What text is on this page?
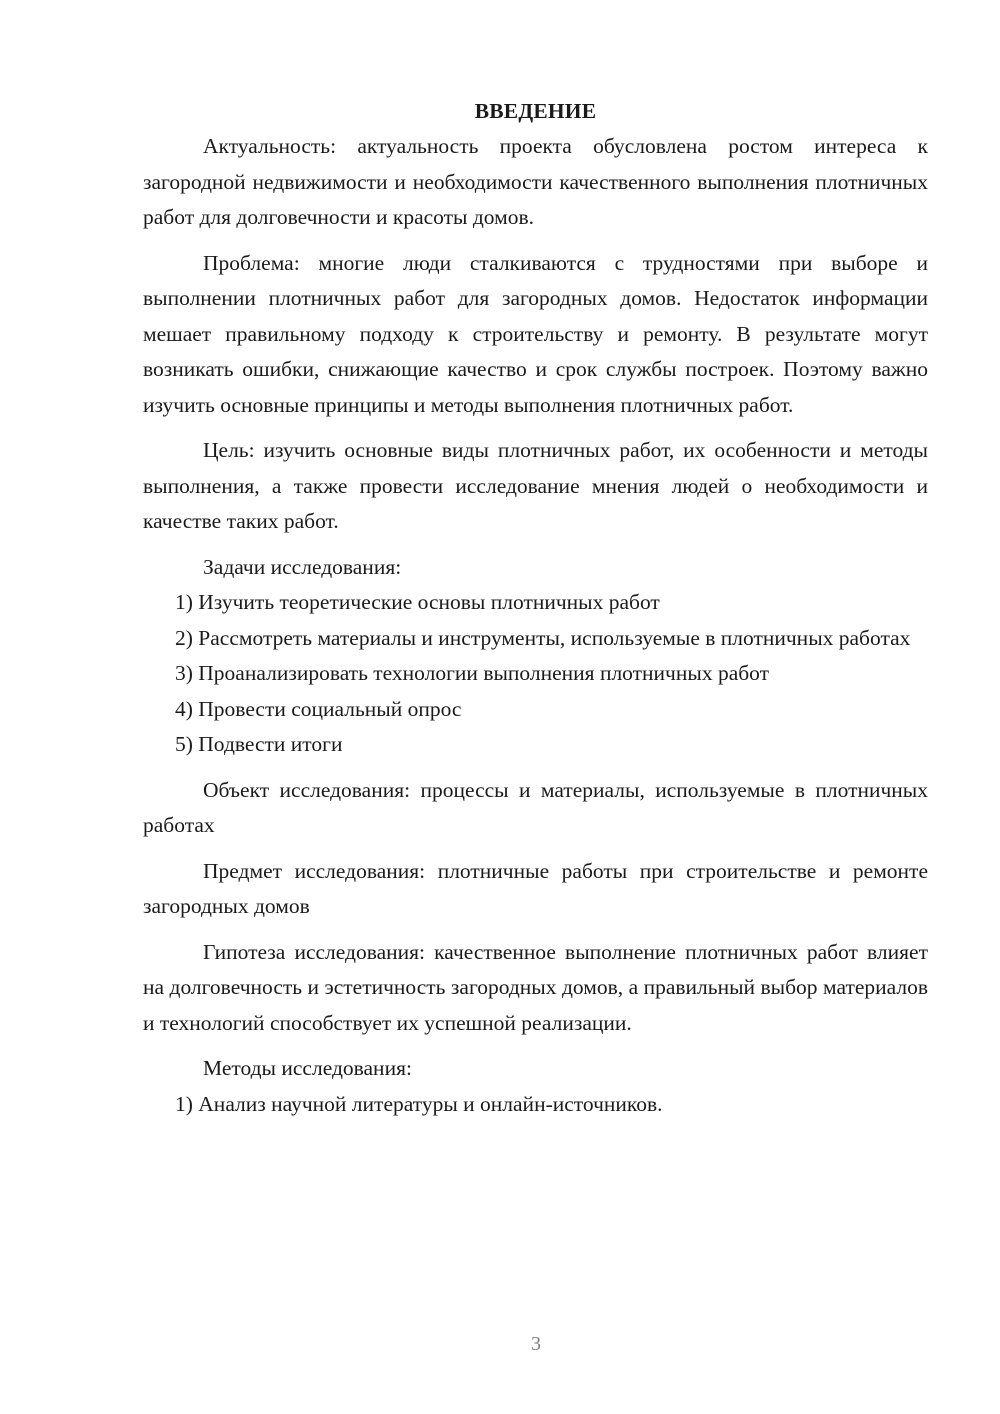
ВВЕДЕНИЕ

Актуальность: актуальность проекта обусловлена ростом интереса к загородной недвижимости и необходимости качественного выполнения плотничных работ для долговечности и красоты домов.

Проблема: многие люди сталкиваются с трудностями при выборе и выполнении плотничных работ для загородных домов. Недостаток информации мешает правильному подходу к строительству и ремонту. В результате могут возникать ошибки, снижающие качество и срок службы построек. Поэтому важно изучить основные принципы и методы выполнения плотничных работ.

Цель: изучить основные виды плотничных работ, их особенности и методы выполнения, а также провести исследование мнения людей о необходимости и качестве таких работ.

Задачи исследования:

1) Изучить теоретические основы плотничных работ

2) Рассмотреть материалы и инструменты, используемые в плотничных работах

3) Проанализировать технологии выполнения плотничных работ

4) Провести социальный опрос

5) Подвести итоги

Объект исследования: процессы и материалы, используемые в плотничных работах

Предмет исследования: плотничные работы при строительстве и ремонте загородных домов

Гипотеза исследования: качественное выполнение плотничных работ влияет на долговечность и эстетичность загородных домов, а правильный выбор материалов и технологий способствует их успешной реализации.

Методы исследования:

1) Анализ научной литературы и онлайн-источников.

3
